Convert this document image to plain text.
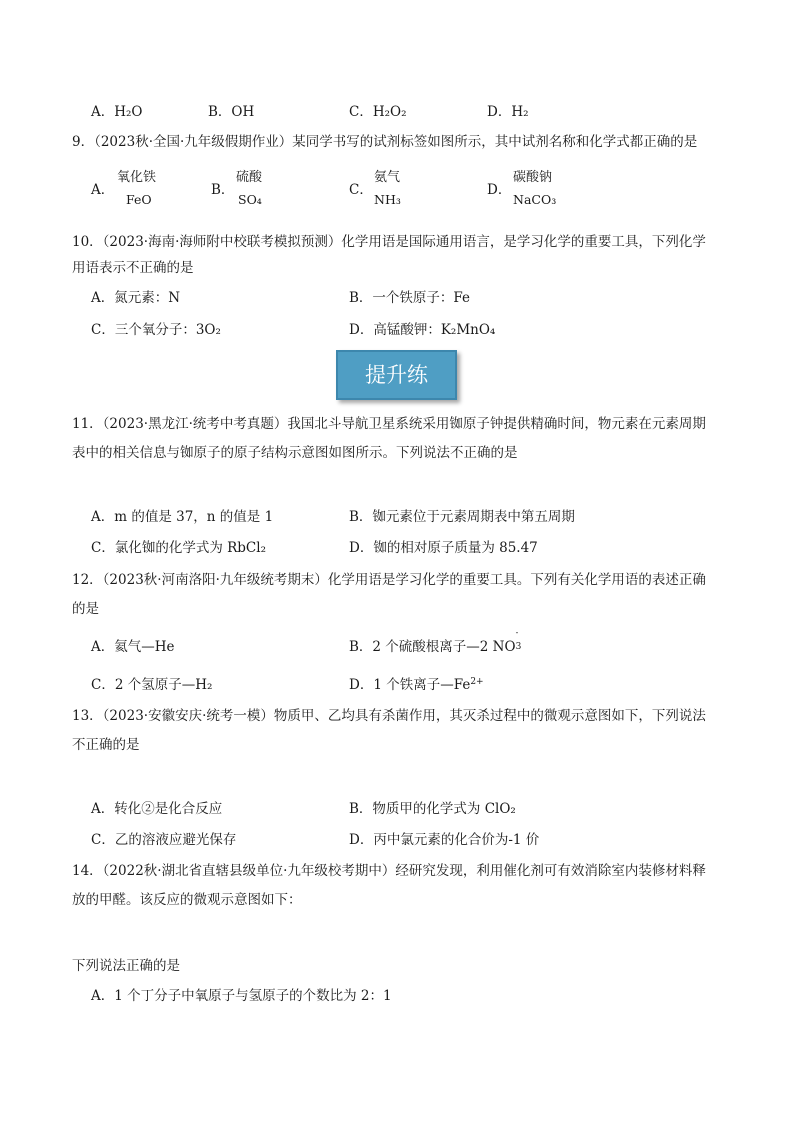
A．H₂O	B．OH	C．H₂O₂	D．H₂
9．（2023秋·全国·九年级假期作业）某同学书写的试剂标签如图所示，其中试剂名称和化学式都正确的是
A．
氧化铁
FeO
B．
硫酸
SO₄
C．
氨气
NH₃
D．
碳酸钠
NaCO₃
10．（2023·海南·海师附中校联考模拟预测）化学用语是国际通用语言，是学习化学的重要工具，下列化学
用语表示不正确的是
A．氮元素：N	B．一个铁原子：Fe
C．三个氧分子：3O₂	D．高锰酸钾：K₂MnO₄
提升练
11．（2023·黑龙江·统考中考真题）我国北斗导航卫星系统采用铷原子钟提供精确时间，物元素在元素周期
表中的相关信息与铷原子的原子结构示意图如图所示。下列说法不正确的是
A．m 的值是 37，n 的值是 1	B．铷元素位于元素周期表中第五周期
C．氯化铷的化学式为 RbCl₂	D．铷的相对原子质量为 85.47
12．（2023秋·河南洛阳·九年级统考期末）化学用语是学习化学的重要工具。下列有关化学用语的表述正确
的是
A．氦气—He	B．2 个硫酸根离子—2 NO
-
3
C．2 个氢原子—H₂	D．1 个铁离子$—Fe^{2+}$
13．（2023·安徽安庆·统考一模）物质甲、乙均具有杀菌作用，其灭杀过程中的微观示意图如下，下列说法
不正确的是
A．转化②是化合反应	B．物质甲的化学式为 ClO₂
C．乙的溶液应避光保存	D．丙中氯元素的化合价为-1 价
14．（2022秋·湖北省直辖县级单位·九年级校考期中）经研究发现，利用催化剂可有效消除室内装修材料释
放的甲醛。该反应的微观示意图如下：
下列说法正确的是
A．1 个丁分子中氧原子与氢原子的个数比为 2：1
